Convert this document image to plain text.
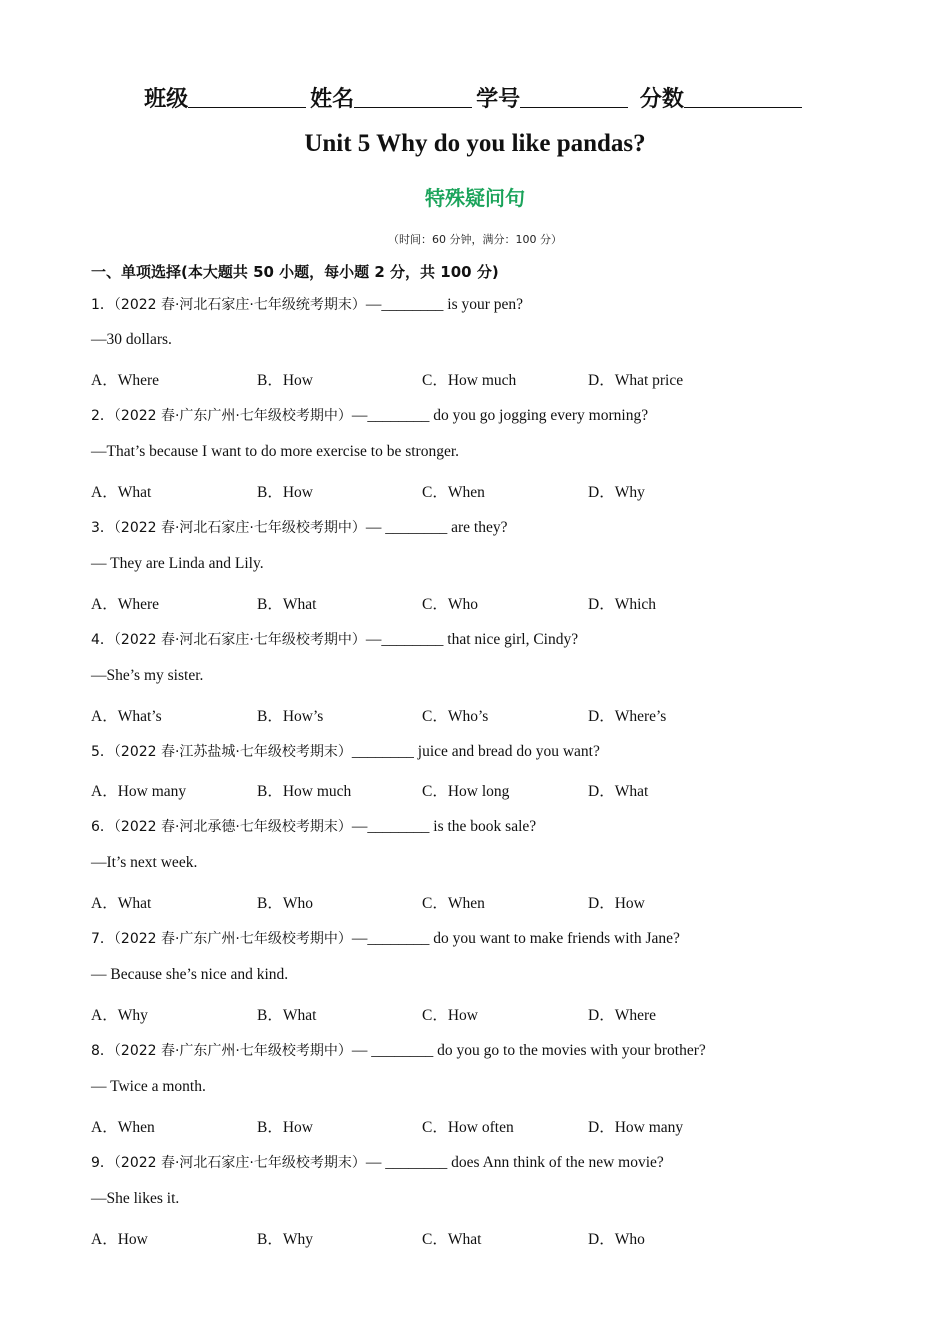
班级	姓名	学号	分数
Unit 5 Why do you like pandas?
特殊疑问句
（时间：60 分钟，满分：100 分）
一、单项选择(本大题共 50 小题，每小题 2 分，共 100 分)
1．（2022 春·河北石家庄·七年级统考期末）—________ is your pen?
—30 dollars.
A．Where	B．How	C．How much	D．What price
2．（2022 春·广东广州·七年级校考期中）—________ do you go jogging every morning?
—That’s because I want to do more exercise to be stronger.
A．What	B．How	C．When	D．Why
3．（2022 春·河北石家庄·七年级校考期中）— ________ are they?
— They are Linda and Lily.
A．Where	B．What	C．Who	D．Which
4．（2022 春·河北石家庄·七年级校考期中）—________ that nice girl, Cindy?
—She’s my sister.
A．What’s	B．How’s	C．Who’s	D．Where’s
5．（2022 春·江苏盐城·七年级校考期末）________ juice and bread do you want?
A．How many	B．How much	C．How long	D．What
6．（2022 春·河北承德·七年级校考期末）—________ is the book sale?
—It’s next week.
A．What	B．Who	C．When	D．How
7．（2022 春·广东广州·七年级校考期中）—________ do you want to make friends with Jane?
— Because she’s nice and kind.
A．Why	B．What	C．How	D．Where
8．（2022 春·广东广州·七年级校考期中）— ________ do you go to the movies with your brother?
— Twice a month.
A．When	B．How	C．How often	D．How many
9．（2022 春·河北石家庄·七年级校考期末）— ________ does Ann think of the new movie?
—She likes it.
A．How	B．Why	C．What	D．Who
